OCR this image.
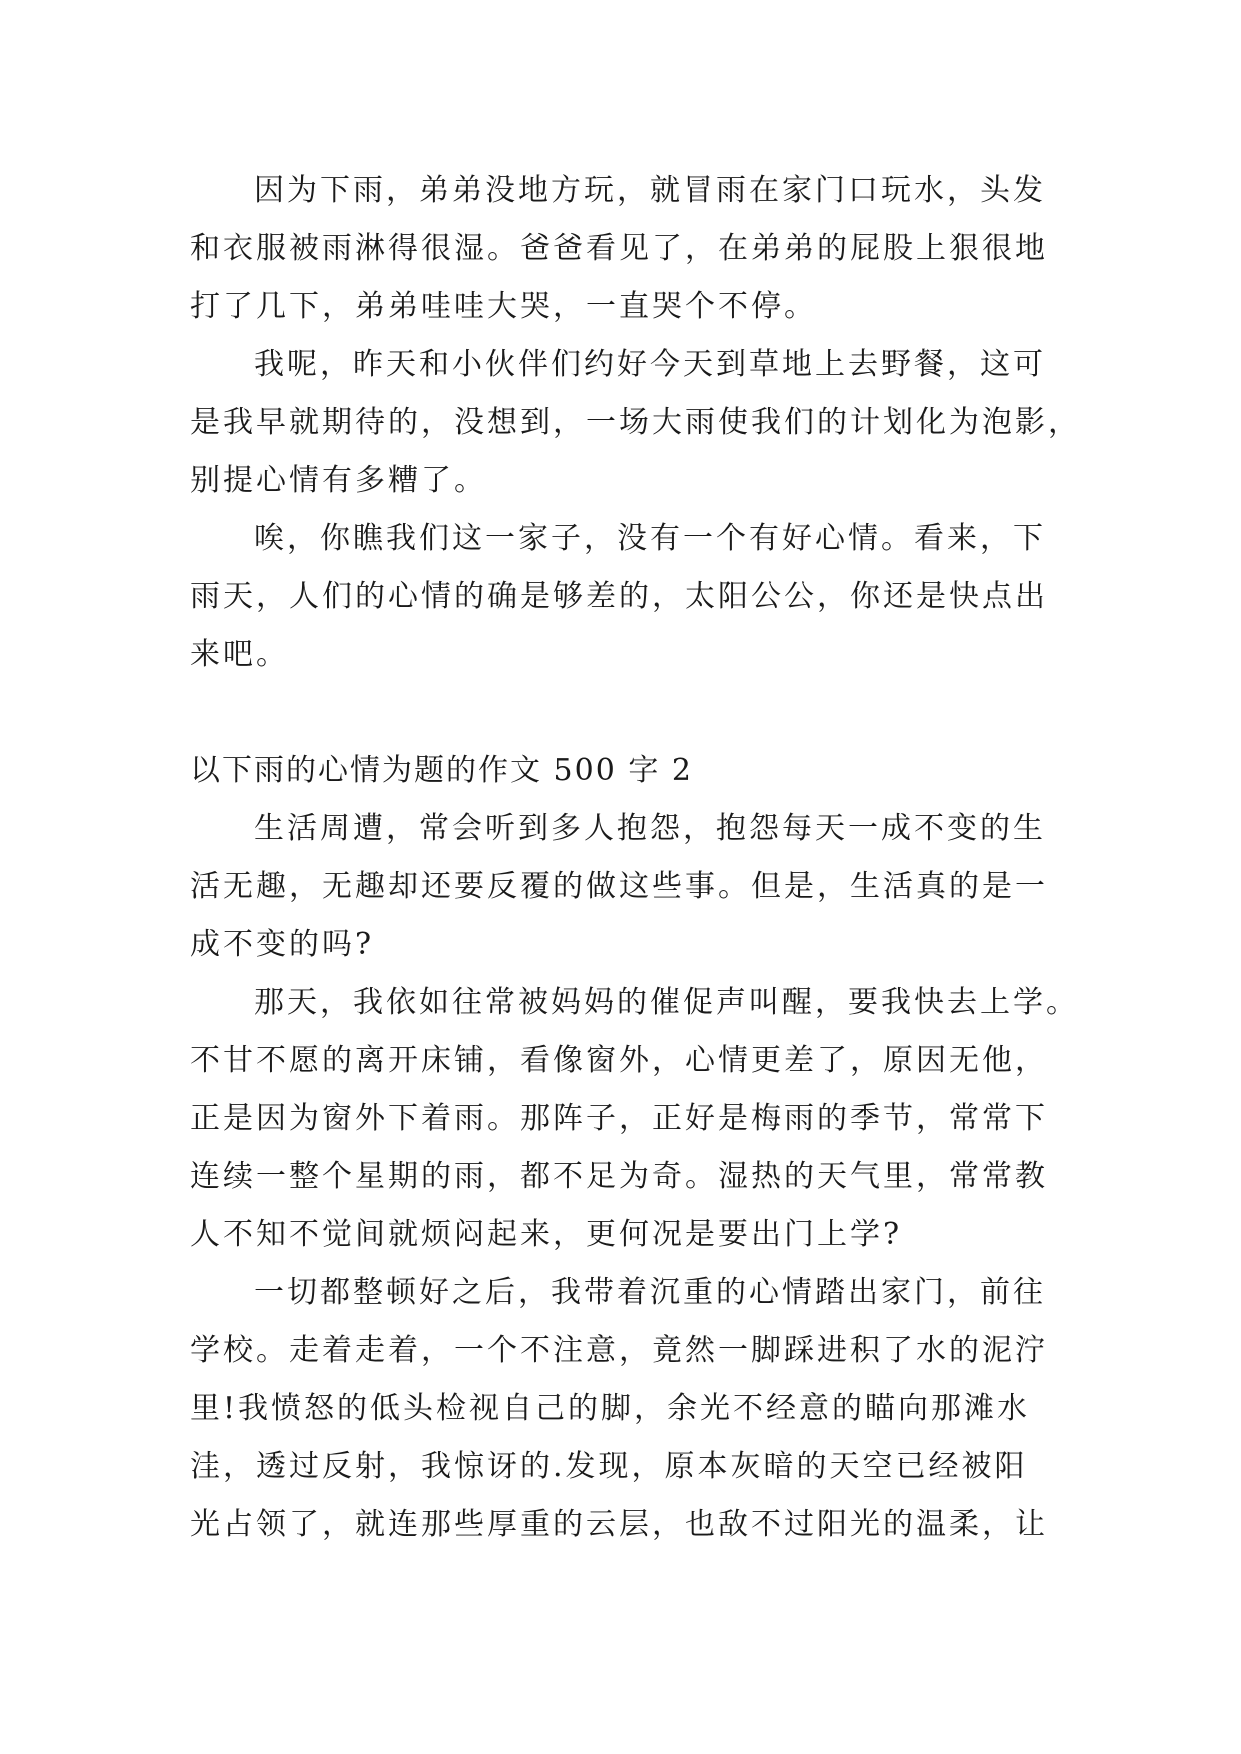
因为下雨，弟弟没地方玩，就冒雨在家门口玩水，头发
和衣服被雨淋得很湿。爸爸看见了，在弟弟的屁股上狠很地
打了几下，弟弟哇哇大哭，一直哭个不停。
我呢，昨天和小伙伴们约好今天到草地上去野餐，这可
是我早就期待的，没想到，一场大雨使我们的计划化为泡影，
别提心情有多糟了。
唉，你瞧我们这一家子，没有一个有好心情。看来，下
雨天，人们的心情的确是够差的，太阳公公，你还是快点出
来吧。
以下雨的心情为题的作文 500 字 2
生活周遭，常会听到多人抱怨，抱怨每天一成不变的生
活无趣，无趣却还要反覆的做这些事。但是，生活真的是一
成不变的吗?
那天，我依如往常被妈妈的催促声叫醒，要我快去上学。
不甘不愿的离开床铺，看像窗外，心情更差了，原因无他，
正是因为窗外下着雨。那阵子，正好是梅雨的季节，常常下
连续一整个星期的雨，都不足为奇。湿热的天气里，常常教
人不知不觉间就烦闷起来，更何况是要出门上学?
一切都整顿好之后，我带着沉重的心情踏出家门，前往
学校。走着走着，一个不注意，竟然一脚踩进积了水的泥泞
里!我愤怒的低头检视自己的脚，余光不经意的瞄向那滩水
洼，透过反射，我惊讶的.发现，原本灰暗的天空已经被阳
光占领了，就连那些厚重的云层，也敌不过阳光的温柔，让
